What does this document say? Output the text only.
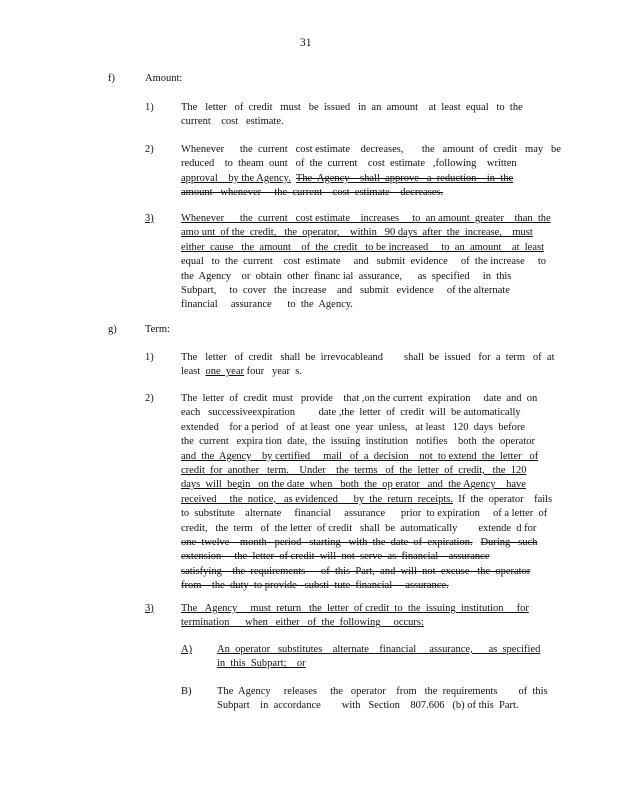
31
f)	Amount:
1)	The   letter   of  credit   must   be  issued   in  an  amount    at  least  equal   to  the
current    cost   estimate.
2)	Whenever      the  current   cost estimate    decreases,       the   amount  of  credit   may   be
reduced    to  theam  ount   of  the  current    cost  estimate   ,following    written
approval    by the Agency. The  Agency    shall  approve   a  reduction    in  the
amount   whenever     the  current    cost  estimate    decreases.
3)	Whenever      the  current   cost estimate    increases     to  an amount  greater    than  the
amo unt  of the  credit,   the  operator,    within   90 days  after  the  increase,    must
either  cause   the  amount    of  the  credit   to be increased     to  an  amount    at  least
equal   to  the  current    cost  estimate     and   submit  evidence     of  the increase     to
the  Agency    or  obtain  other  financ ial  assurance,      as  specified     in  this
Subpart,     to  cover   the  increase    and   submit   evidence     of the alternate
financial     assurance      to  the  Agency.
g)	Term:
1)	The   letter   of  credit   shall  be  irrevocableand        shall  be  issued   for  a  term   of  at
least  one  year four   year  s.
2)	The  letter  of  credit  must   provide    that ,on the current  expiration     date  and  on
each   successiveexpiration         date ,the  letter  of  credit  will  be automatically
extended    for a period   of  at least  one  year  unless,   at least   120  days  before
the  current   expira tion  date,  the  issuing  institution   notifies    both  the  operator
and  the  Agency    by certified     mail   of  a  decision    not  to extend  the  letter   of
credit  for  another   term.    Under    the  terms   of  the  letter  of  credit,   the  120
days  will  begin   on the date  when   both  the  op erator   and  the Agency    have
received     the  notice,   as evidenced      by  the  return  receipts.  If  the  operator    fails
to  substitute    alternate     financial     assurance      prior  to expiration     of a letter  of
credit,   the  term   of  the letter  of credit   shall  be  automatically        extende  d for
one  twelve    month   period   starting   with  the  date  of  expiration. During   such
extension     the  letter  of credit  will  not  serve  as  financial    assurance
satisfying    the  requirements      of  this  Part,  and  will  not  excuse   the  operator
from    the  duty  to provide   substi  tute  financial     assurance.
3)	The   Agency     must  return   the  letter  of credit  to  the  issuing  institution     for
termination      when   either   of  the  following     occurs:
A) An  operator   substitutes    alternate    financial     assurance,      as  specified
in  this  Subpart;    or
B) The  Agency     releases     the   operator    from   the  requirements        of  this
Subpart    in  accordance        with   Section    807.606   (b) of this  Part.
